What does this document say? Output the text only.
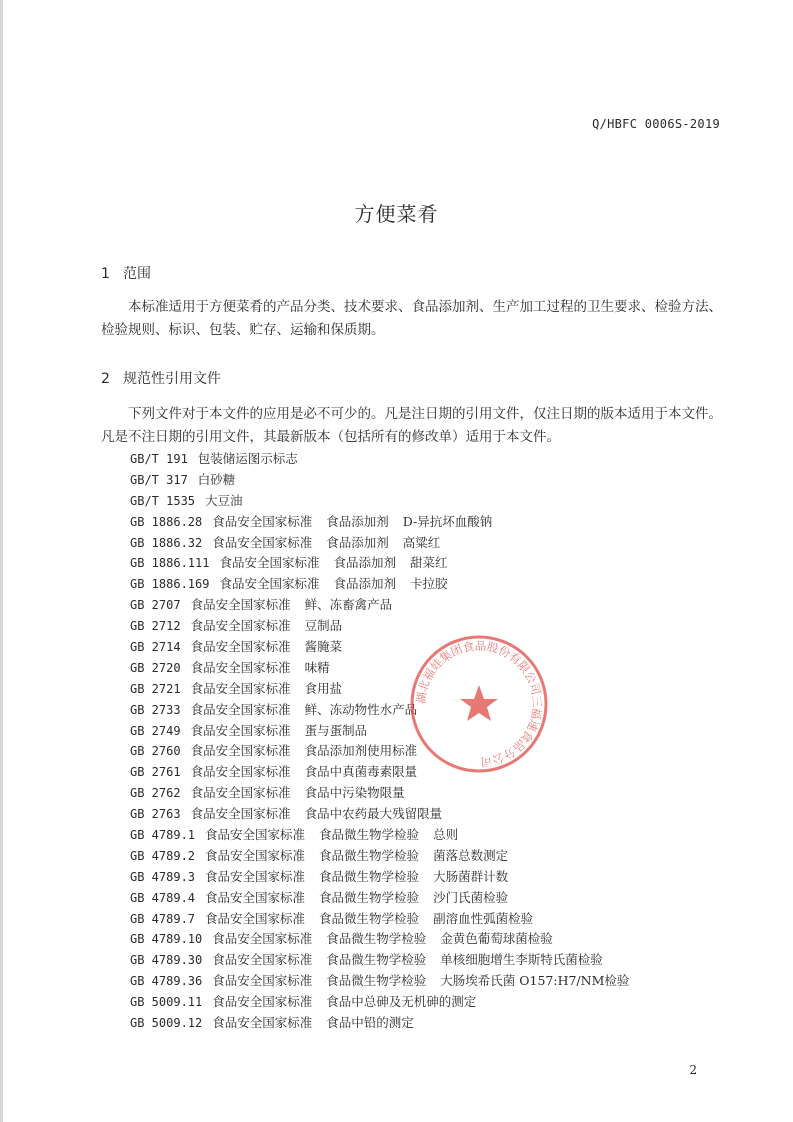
Q/HBFC 0006S-2019
方便菜肴
1 范围
本标准适用于方便菜肴的产品分类、技术要求、食品添加剂、生产加工过程的卫生要求、检验方法、检验规则、标识、包装、贮存、运输和保质期。
2 规范性引用文件
下列文件对于本文件的应用是必不可少的。凡是注日期的引用文件，仅注日期的版本适用于本文件。凡是不注日期的引用文件，其最新版本（包括所有的修改单）适用于本文件。
GB/T 191 包装储运图示标志
GB/T 317 白砂糖
GB/T 1535 大豆油
GB 1886.28 食品安全国家标准 食品添加剂 D-异抗坏血酸钠
GB 1886.32 食品安全国家标准 食品添加剂 高粱红
GB 1886.111 食品安全国家标准 食品添加剂 甜菜红
GB 1886.169 食品安全国家标准 食品添加剂 卡拉胶
GB 2707 食品安全国家标准 鲜、冻畜禽产品
GB 2712 食品安全国家标准 豆制品
GB 2714 食品安全国家标准 酱腌菜
GB 2720 食品安全国家标准 味精
GB 2721 食品安全国家标准 食用盐
GB 2733 食品安全国家标准 鲜、冻动物性水产品
GB 2749 食品安全国家标准 蛋与蛋制品
GB 2760 食品安全国家标准 食品添加剂使用标准
GB 2761 食品安全国家标准 食品中真菌毒素限量
GB 2762 食品安全国家标准 食品中污染物限量
GB 2763 食品安全国家标准 食品中农药最大残留限量
GB 4789.1 食品安全国家标准 食品微生物学检验 总则
GB 4789.2 食品安全国家标准 食品微生物学检验 菌落总数测定
GB 4789.3 食品安全国家标准 食品微生物学检验 大肠菌群计数
GB 4789.4 食品安全国家标准 食品微生物学检验 沙门氏菌检验
GB 4789.7 食品安全国家标准 食品微生物学检验 副溶血性弧菌检验
GB 4789.10 食品安全国家标准 食品微生物学检验 金黄色葡萄球菌检验
GB 4789.30 食品安全国家标准 食品微生物学检验 单核细胞增生李斯特氏菌检验
GB 4789.36 食品安全国家标准 食品微生物学检验 大肠埃希氏菌 O157:H7/NM检验
GB 5009.11 食品安全国家标准 食品中总砷及无机砷的测定
GB 5009.12 食品安全国家标准 食品中铅的测定
湖北福娃集团食品股份有限公司三福速食品分公司
2
